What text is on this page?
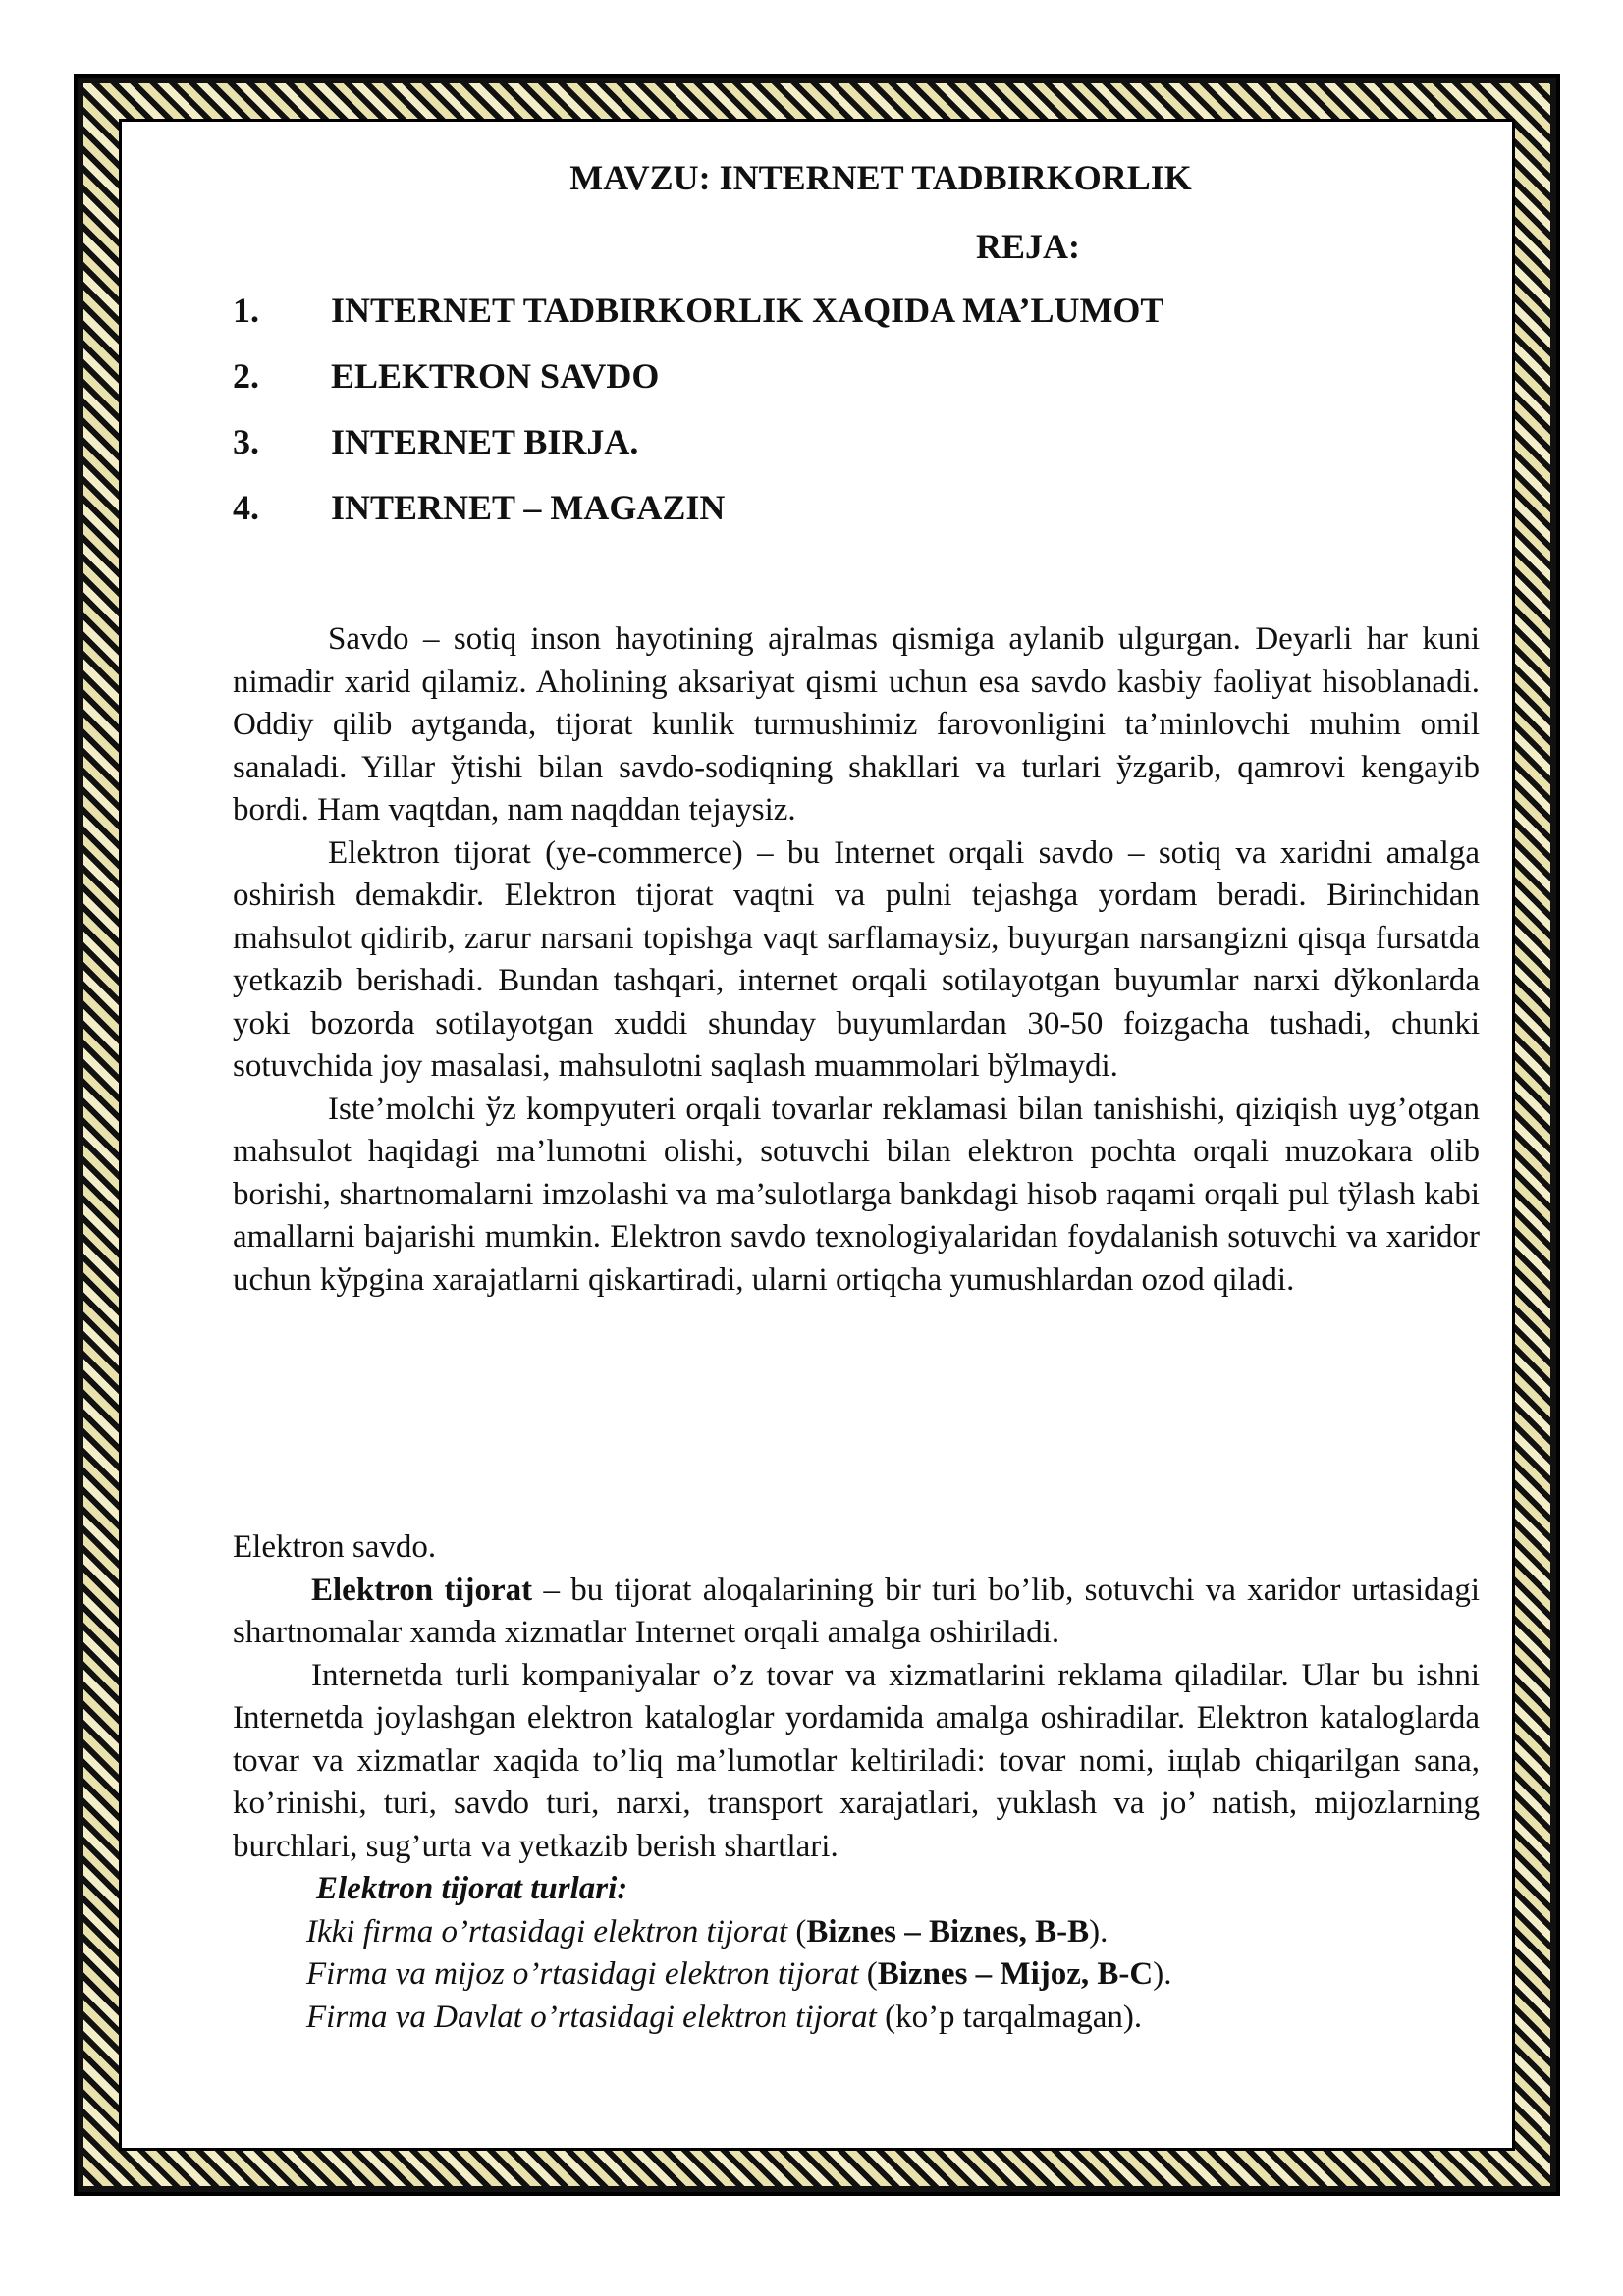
MAVZU: INTERNET TADBIRKORLIK
REJA:
1.	INTERNET TADBIRKORLIK XAQIDA MA’LUMOT
2.	ELEKTRON SAVDO
3.	INTERNET BIRJA.
4.	INTERNET – MAGAZIN

Savdo – sotiq inson hayotining ajralmas qismiga aylanib ulgurgan. Deyarli har kuni nimadir xarid qilamiz. Aholining aksariyat qismi uchun esa savdo kasbiy faoliyat hisoblanadi. Oddiy qilib aytganda, tijorat kunlik turmushimiz farovonligini ta’minlovchi muhim omil sanaladi. Yillar ўtishi bilan savdo-sodiqning shakllari va turlari ўzgarib, qamrovi kengayib bordi. Ham vaqtdan, nam naqddan tejaysiz.

Elektron tijorat (ye-commerce) – bu Internet orqali savdo – sotiq va xaridni amalga oshirish demakdir. Elektron tijorat vaqtni va pulni tejashga yordam beradi. Birinchidan mahsulot qidirib, zarur narsani topishga vaqt sarflamaysiz, buyurgan narsangizni qisqa fursatda yetkazib berishadi. Bundan tashqari, internet orqali sotilayotgan buyumlar narxi dўkonlarda yoki bozorda sotilayotgan xuddi shunday buyumlardan 30-50 foizgacha tushadi, chunki sotuvchida joy masalasi, mahsulotni saqlash muammolari bўlmaydi.

Iste’molchi ўz kompyuteri orqali tovarlar reklamasi bilan tanishishi, qiziqish uyg’otgan mahsulot haqidagi ma’lumotni olishi, sotuvchi bilan elektron pochta orqali muzokara olib borishi, shartnomalarni imzolashi va ma’sulotlarga bankdagi hisob raqami orqali pul tўlash kabi amallarni bajarishi mumkin. Elektron savdo texnologiyalaridan foydalanish sotuvchi va xaridor uchun kўpgina xarajatlarni qiskartiradi, ularni ortiqcha yumushlardan ozod qiladi.

Elektron savdo.

Elektron tijorat – bu tijorat aloqalarining bir turi bo’lib, sotuvchi va xaridor urtasidagi shartnomalar xamda xizmatlar Internet orqali amalga oshiriladi.

Internetda turli kompaniyalar o’z tovar va xizmatlarini reklama qiladilar. Ular bu ishni Internetda joylashgan elektron kataloglar yordamida amalga oshiradilar. Elektron kataloglarda tovar va xizmatlar xaqida to’liq ma’lumotlar keltiriladi: tovar nomi, iщlab chiqarilgan sana, ko’rinishi, turi, savdo turi, narxi, transport xarajatlari, yuklash va jo’ natish, mijozlarning burchlari, sug’urta va yetkazib berish shartlari.

Elektron tijorat turlari:

Ikki firma o’rtasidagi elektron tijorat (Biznes – Biznes, B-B).

Firma va mijoz o’rtasidagi elektron tijorat (Biznes – Mijoz, B-C).

Firma va Davlat o’rtasidagi elektron tijorat (ko’p tarqalmagan).
